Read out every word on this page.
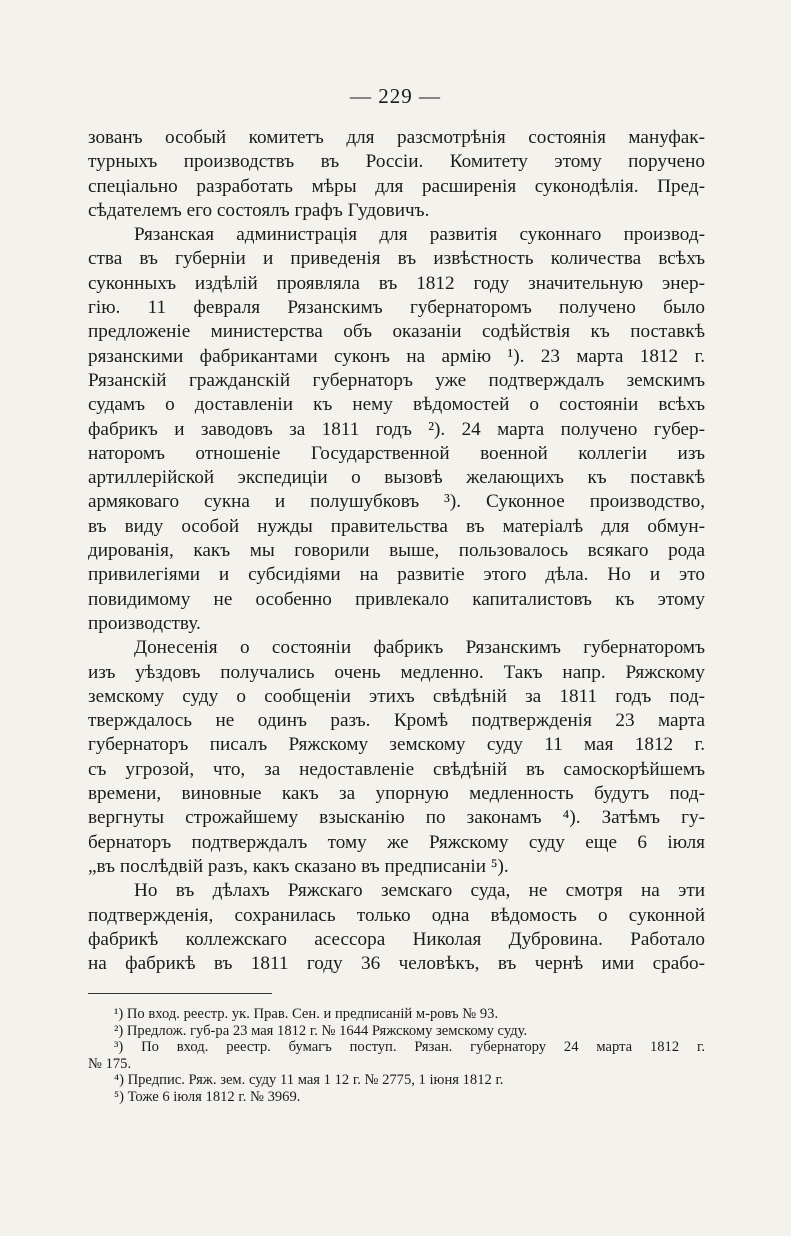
— 229 —
зованъ особый комитетъ для разсмотрѣнія состоянія мануфак-
турныхъ производствъ въ Россіи. Комитету этому поручено
спеціально разработать мѣры для расширенія суконодѣлія. Пред-
сѣдателемъ его состоялъ графъ Гудовичъ.
Рязанская администрація для развитія суконнаго производ-
ства въ губерніи и приведенія въ извѣстность количества всѣхъ
суконныхъ издѣлій проявляла въ 1812 году значительную энер-
гію. 11 февраля Рязанскимъ губернаторомъ получено было
предложеніе министерства объ оказаніи содѣйствія къ поставкѣ
рязанскими фабрикантами суконъ на армію ¹). 23 марта 1812 г.
Рязанскій гражданскій губернаторъ уже подтверждалъ земскимъ
судамъ о доставленіи къ нему вѣдомостей о состояніи всѣхъ
фабрикъ и заводовъ за 1811 годъ ²). 24 марта получено губер-
наторомъ отношеніе Государственной военной коллегіи изъ
артиллерійской экспедиціи о вызовѣ желающихъ къ поставкѣ
армяковаго сукна и полушубковъ ³). Суконное производство,
въ виду особой нужды правительства въ матеріалѣ для обмун-
дированія, какъ мы говорили выше, пользовалось всякаго рода
привилегіями и субсидіями на развитіе этого дѣла. Но и это
повидимому не особенно привлекало капиталистовъ къ этому
производству.
Донесенія о состояніи фабрикъ Рязанскимъ губернаторомъ
изъ уѣздовъ получались очень медленно. Такъ напр. Ряжскому
земскому суду о сообщеніи этихъ свѣдѣній за 1811 годъ под-
тверждалось не одинъ разъ. Кромѣ подтвержденія 23 марта
губернаторъ писалъ Ряжскому земскому суду 11 мая 1812 г.
съ угрозой, что, за недоставленіе свѣдѣній въ самоскорѣйшемъ
времени, виновные какъ за упорную медленность будутъ под-
вергнуты строжайшему взысканію по законамъ ⁴). Затѣмъ гу-
бернаторъ подтверждалъ тому же Ряжскому суду еще 6 іюля
„въ послѣдвій разъ, какъ сказано въ предписаніи ⁵).
Но въ дѣлахъ Ряжскаго земскаго суда, не смотря на эти
подтвержденія, сохранилась только одна вѣдомость о суконной
фабрикѣ коллежскаго асессора Николая Дубровина. Работало
на фабрикѣ въ 1811 году 36 человѣкъ, въ чернѣ ими срабо-
¹) По вход. реестр. ук. Прав. Сен. и предписаній м-ровъ № 93.
²) Предлож. губ-ра 23 мая 1812 г. № 1644 Ряжскому земскому суду.
³) По вход. реестр. бумагъ поступ. Рязан. губернатору 24 марта 1812 г.
№ 175.
⁴) Предпис. Ряж. зем. суду 11 мая 1 12 г. № 2775, 1 іюня 1812 г.
⁵) Тоже 6 іюля 1812 г. № 3969.
